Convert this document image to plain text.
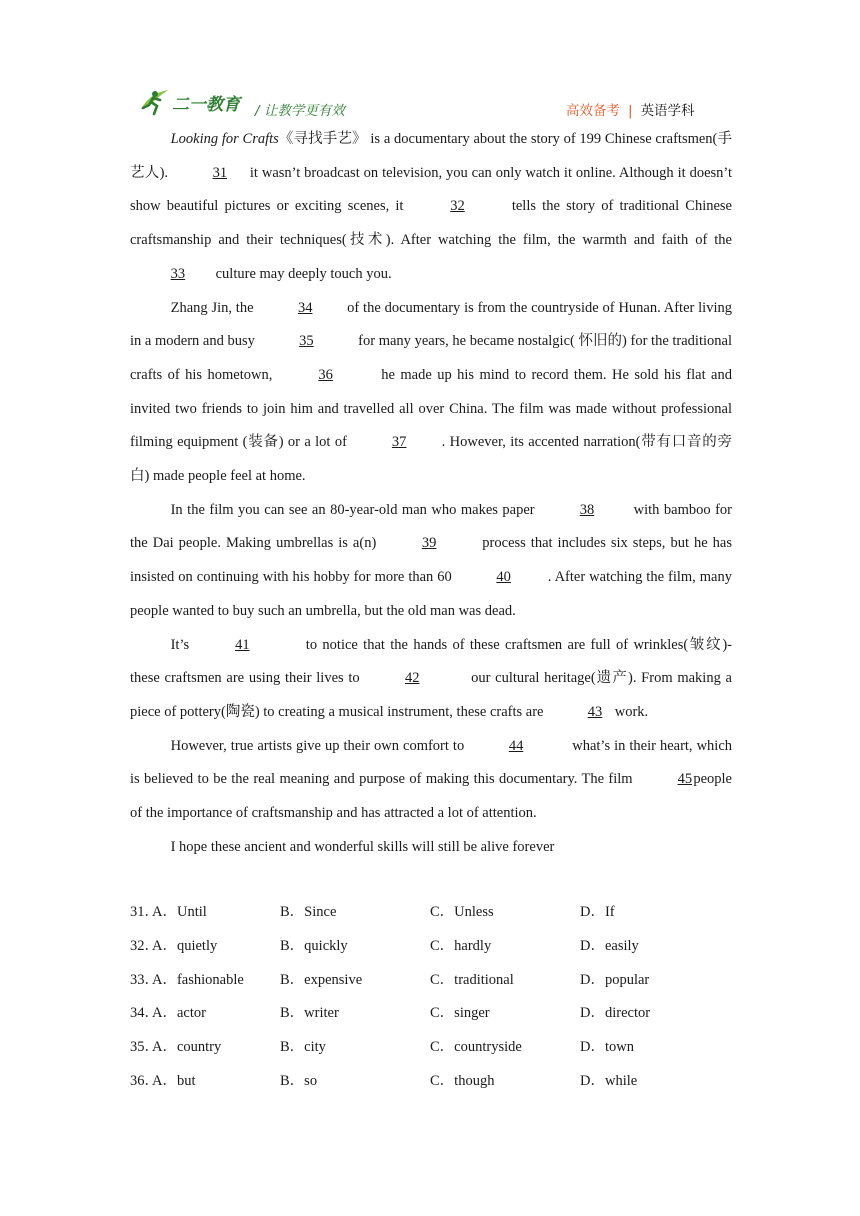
二一教育 / 让教学更有效	高效备考 | 英语学科

Looking for Crafts《寻找手艺》 is a documentary about the story of 199 Chinese craftsmen(手艺人).	31 it wasn’t broadcast on television, you can only watch it online. Although it doesn’t show beautiful pictures or exciting scenes, it	32	tells the story of traditional Chinese craftsmanship and their techniques(技术). After watching the film, the warmth and faith of the 33 culture may deeply touch you.

Zhang Jin, the	34 of the documentary is from the countryside of Hunan. After living in a modern and busy	35	for many years, he became nostalgic( 怀旧的) for the traditional crafts of his hometown,	36	he made up his mind to record them. He sold his flat and invited two friends to join him and travelled all over China. The film was made without professional filming equipment (装备) or a lot of	37 . However, its accented narration(带有口音的旁白) made people feel at home.

In the film you can see an 80-year-old man who makes paper	38 with bamboo for the Dai people. Making umbrellas is a(n)	39	process that includes six steps, but he has insisted on continuing with his hobby for more than 60	40	. After watching the film, many people wanted to buy such an umbrella, but the old man was dead.

It’s	41	to notice that the hands of these craftsmen are full of wrinkles(皱纹)-these craftsmen are using their lives to	42	our cultural heritage(遗产). From making a piece of pottery(陶瓷) to creating a musical instrument, these crafts are	43 work.

However, true artists give up their own comfort to	44	what’s in their heart, which is believed to be the real meaning and purpose of making this documentary. The film	45 people of the importance of craftsmanship and has attracted a lot of attention.

I hope these ancient and wonderful skills will still be alive forever

31．
A．Until	B．Since	C．Unless	D．If
32．
A．quietly	B．quickly	C．hardly	D．easily
33．
A．fashionable B．expensive	C．traditional	D．popular
34．
A．actor	B．writer	C．singer	D．director
35．
A．country	B．city	C．countryside	D．town
36．
A．but	B．so	C．though	D．while
